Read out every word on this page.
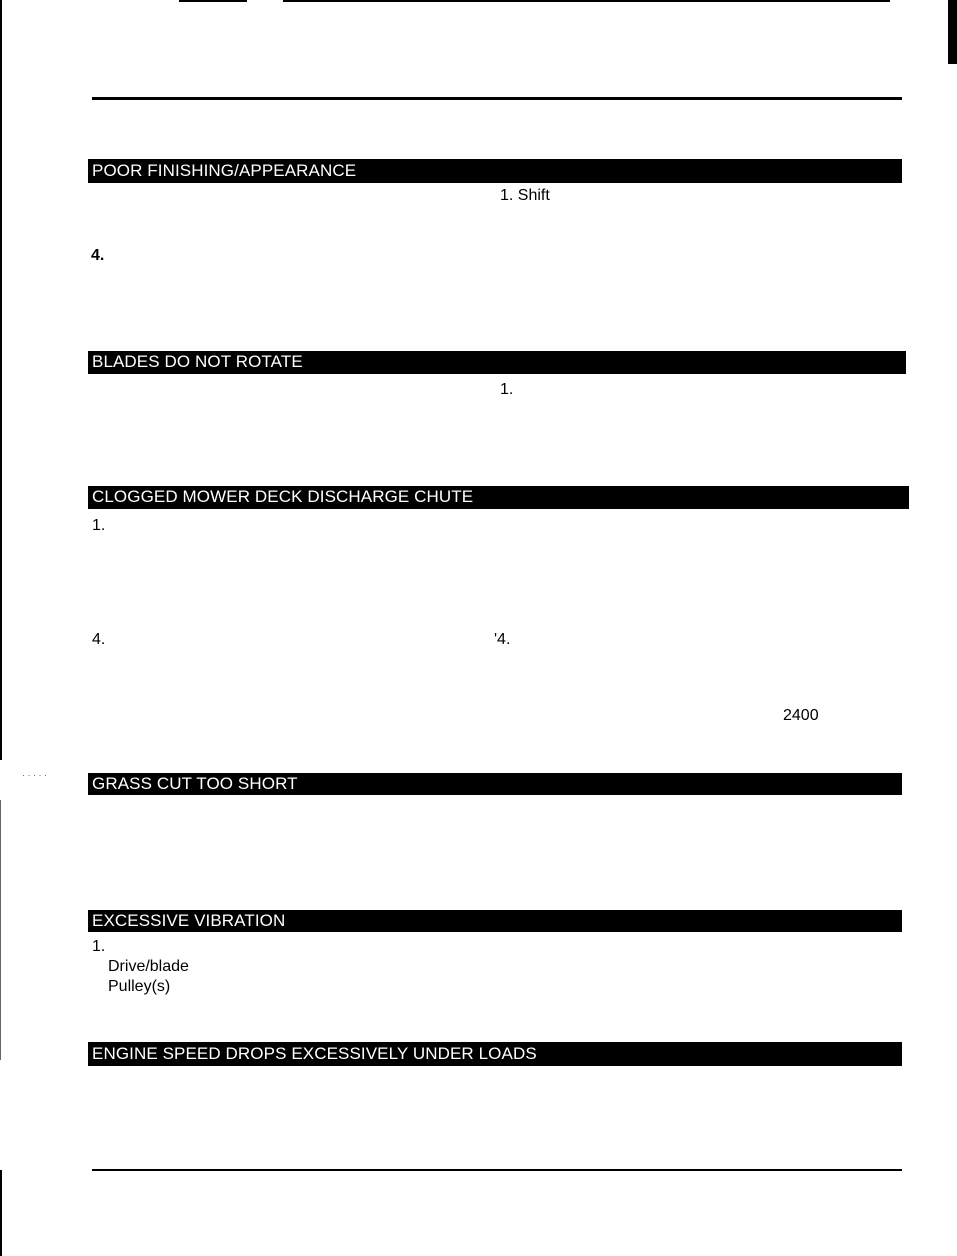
POOR FINISHING/APPEARANCE
1. Shift
4.
BLADES DO NOT ROTATE
1.
CLOGGED MOWER DECK DISCHARGE CHUTE
1.
4.	'4.
2400
· · · · ·	GRASS CUT TOO SHORT
EXCESSIVE VIBRATION
1.
Drive/blade
Pulley(s)
ENGINE SPEED DROPS EXCESSIVELY UNDER LOADS
